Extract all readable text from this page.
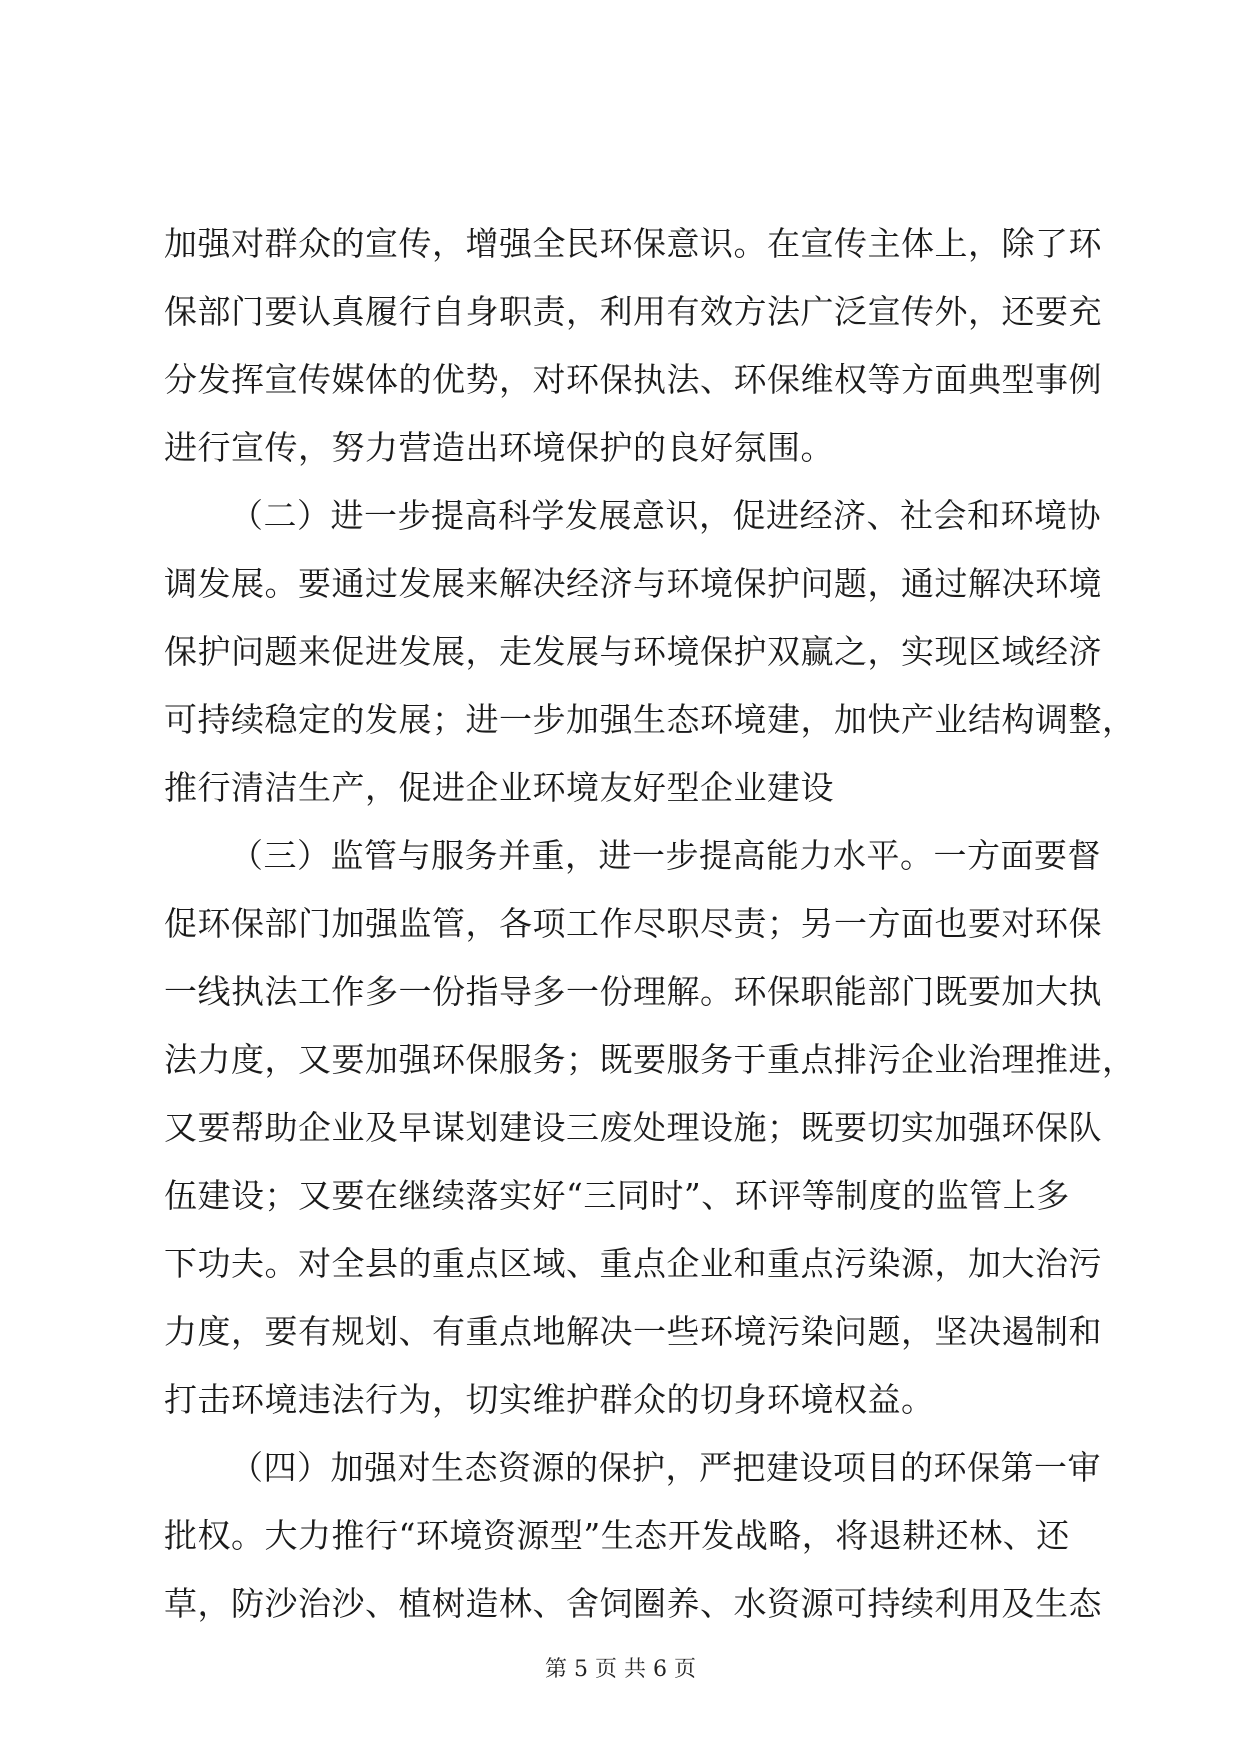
加强对群众的宣传，增强全民环保意识。在宣传主体上，除了环
保部门要认真履行自身职责，利用有效方法广泛宣传外，还要充
分发挥宣传媒体的优势，对环保执法、环保维权等方面典型事例
进行宣传，努力营造出环境保护的良好氛围。
（二）进一步提高科学发展意识，促进经济、社会和环境协
调发展。要通过发展来解决经济与环境保护问题，通过解决环境
保护问题来促进发展，走发展与环境保护双赢之，实现区域经济
可持续稳定的发展；进一步加强生态环境建，加快产业结构调整，
推行清洁生产，促进企业环境友好型企业建设
（三）监管与服务并重，进一步提高能力水平。一方面要督
促环保部门加强监管，各项工作尽职尽责；另一方面也要对环保
一线执法工作多一份指导多一份理解。环保职能部门既要加大执
法力度，又要加强环保服务；既要服务于重点排污企业治理推进，
又要帮助企业及早谋划建设三废处理设施；既要切实加强环保队
伍建设；又要在继续落实好“三同时”、环评等制度的监管上多
下功夫。对全县的重点区域、重点企业和重点污染源，加大治污
力度，要有规划、有重点地解决一些环境污染问题，坚决遏制和
打击环境违法行为，切实维护群众的切身环境权益。
（四）加强对生态资源的保护，严把建设项目的环保第一审
批权。大力推行“环境资源型”生态开发战略，将退耕还林、还
草，防沙治沙、植树造林、舍饲圈养、水资源可持续利用及生态
第 5 页 共 6 页
